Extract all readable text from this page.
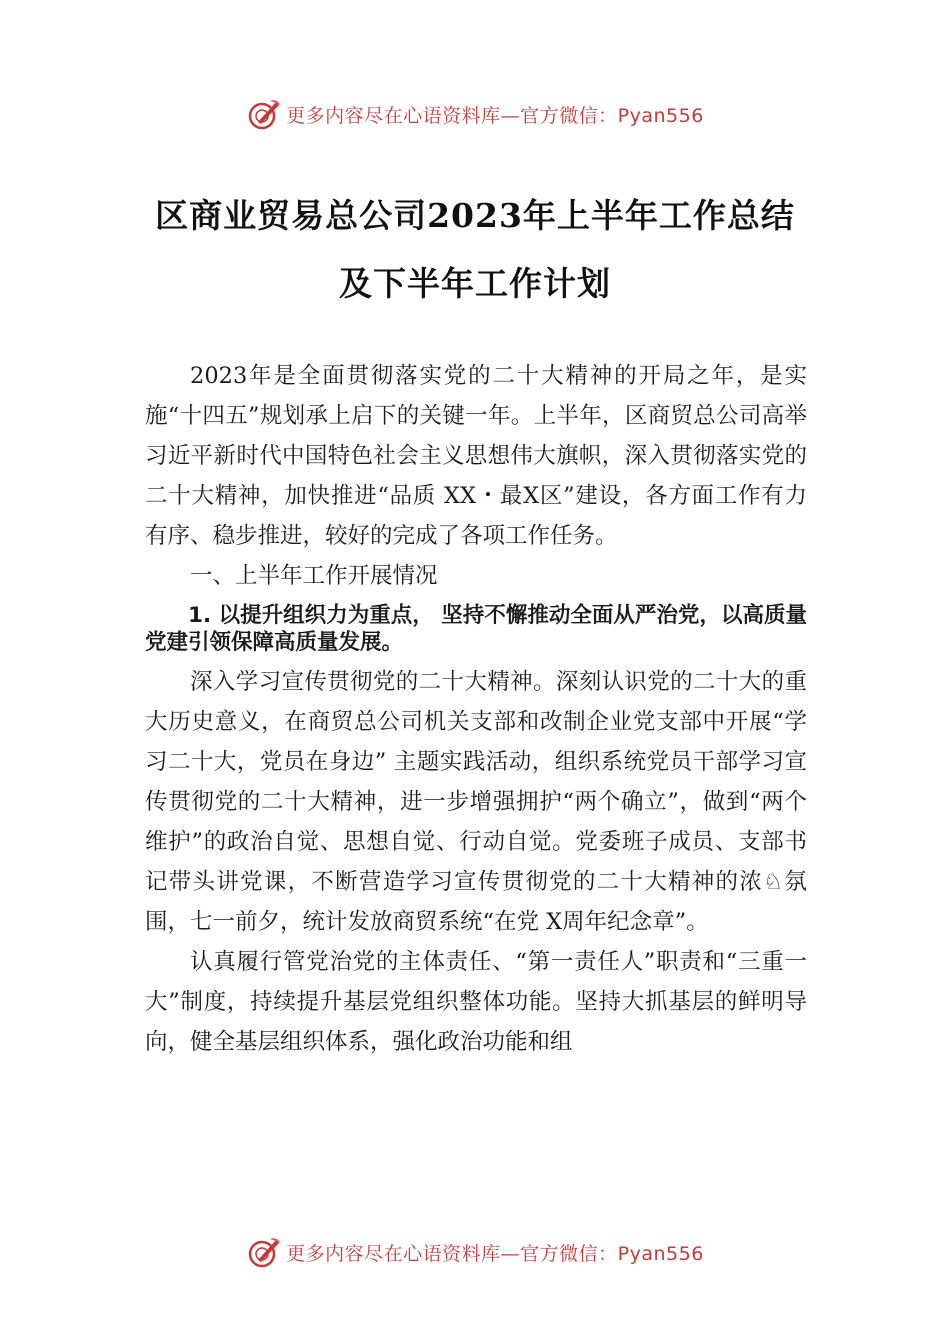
更多内容尽在心语资料库—官方微信：Pyan556
区商业贸易总公司2023年上半年工作总结
及下半年工作计划

2023年是全面贯彻落实党的二十大精神的开局之年，是实施“十四五”规划承上启下的关键一年。上半年，区商贸总公司高举习近平新时代中国特色社会主义思想伟大旗帜，深入贯彻落实党的二十大精神，加快推进“品质 XX・最X区”建设，各方面工作有力有序、稳步推进，较好的完成了各项工作任务。

一、上半年工作开展情况

1. 以提升组织力为重点， 坚持不懈推动全面从严治党，以高质量党建引领保障高质量发展。

深入学习宣传贯彻党的二十大精神。深刻认识党的二十大的重大历史意义，在商贸总公司机关支部和改制企业党支部中开展“学习二十大，党员在身边” 主题实践活动，组织系统党员干部学习宣传贯彻党的二十大精神，进一步增强拥护“两个确立”，做到“两个维护”的政治自觉、思想自觉、行动自觉。党委班子成员、支部书记带头讲党课，不断营造学习宣传贯彻党的二十大精神的浓♘氛围，七一前夕，统计发放商贸系统“在党 X周年纪念章”。

认真履行管党治党的主体责任、“第一责任人”职责和“三重一大”制度，持续提升基层党组织整体功能。坚持大抓基层的鲜明导向，健全基层组织体系，强化政治功能和组

更多内容尽在心语资料库—官方微信：Pyan556
